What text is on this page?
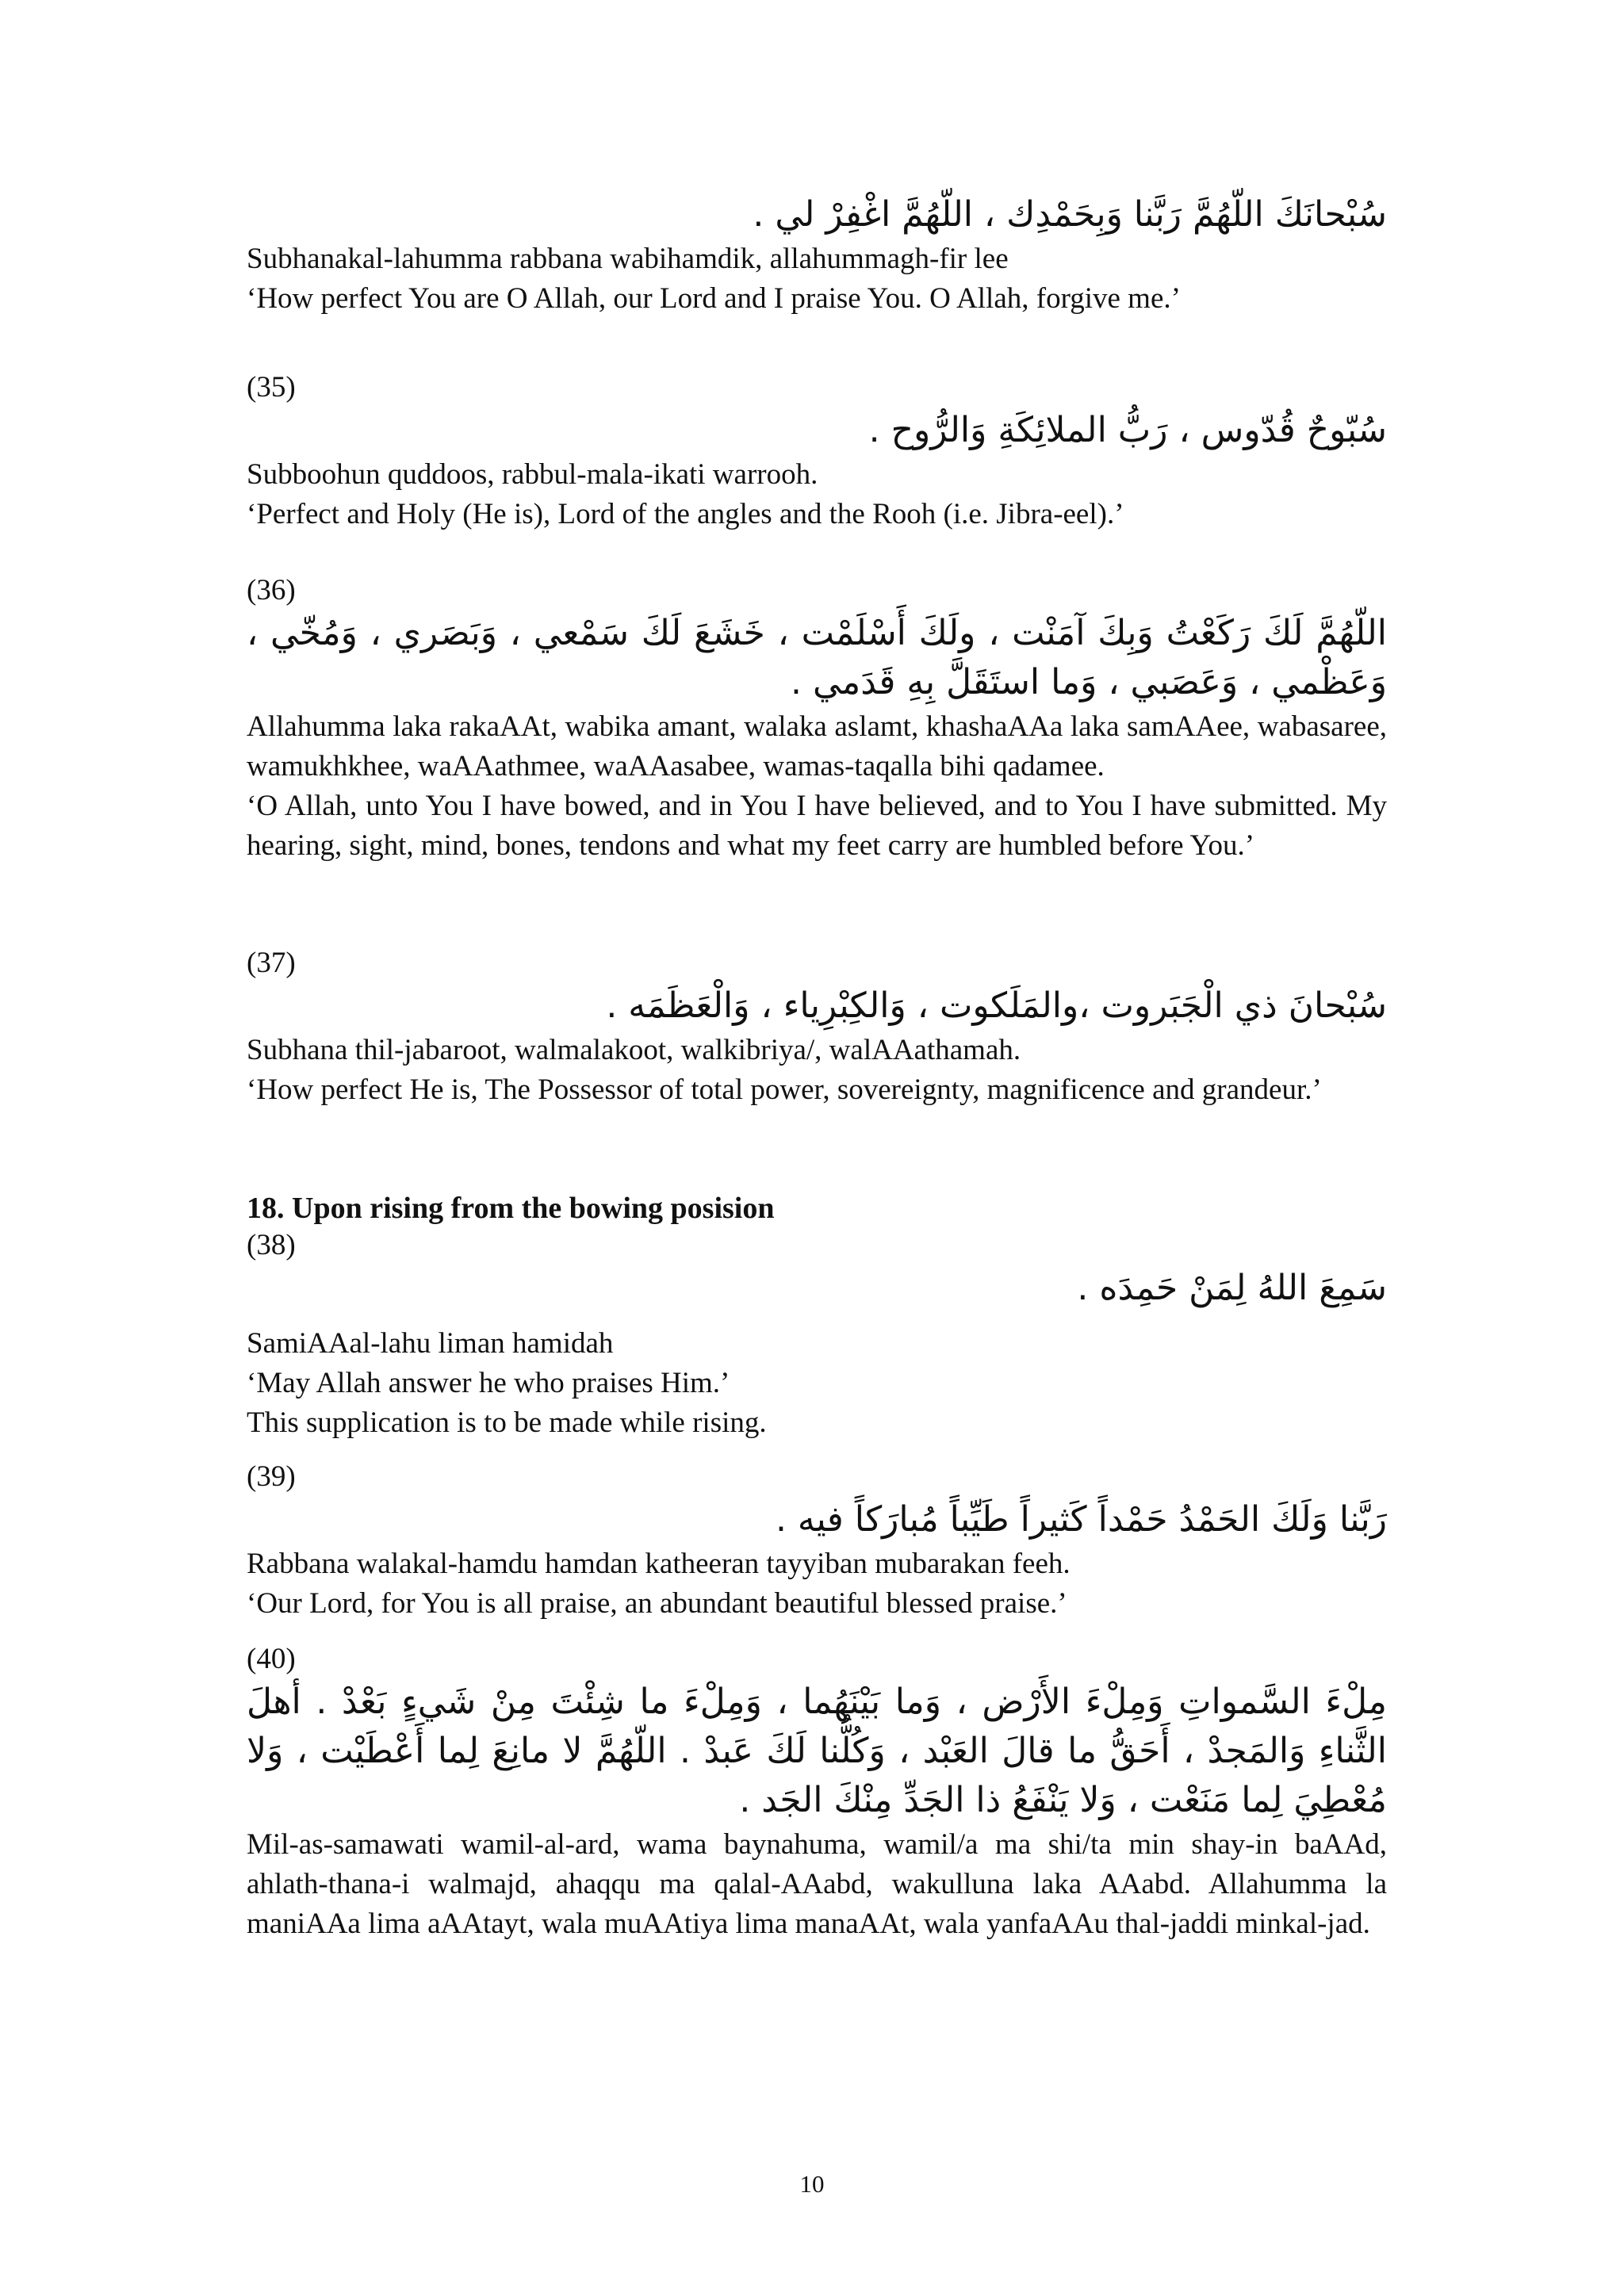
سُبْحانَكَ اللّهُمَّ رَبَّنا وَبِحَمْدِك ، اللّهُمَّ اغْفِرْ لي .
Subhanakal-lahumma rabbana wabihamdik, allahummagh-fir lee
‘How perfect You are O Allah, our Lord and I praise You. O Allah, forgive me.’
(35)
سُبّوحٌ قُدّوس ، رَبُّ الملائِكَةِ وَالرُّوح .
Subboohun quddoos, rabbul-mala-ikati warrooh.
‘Perfect and Holy (He is), Lord of the angles and the Rooh (i.e. Jibra-eel).’
(36)
اللّهُمَّ لَكَ رَكَعْتُ وَبِكَ آمَنْت ، ولَكَ أَسْلَمْت ، خَشَعَ لَكَ سَمْعي ، وَبَصَري ، وَمُخّي ، وَعَظْمي ، وَعَصَبي ، وَما استَقَلَّ بِهِ قَدَمي .
Allahumma laka rakaAAt, wabika amant, walaka aslamt, khashaAAa laka samAAee, wabasaree, wamukhkhee, waAAathmee, waAAasabee, wamas-taqalla bihi qadamee.
‘O Allah, unto You I have bowed, and in You I have believed, and to You I have submitted. My hearing, sight, mind, bones, tendons and what my feet carry are humbled before You.’
(37)
سُبْحانَ ذي الْجَبَروت ،والمَلَكوت ، وَالكِبْرِياء ، وَالْعَظَمَه .
Subhana thil-jabaroot, walmalakoot, walkibriya/, walAAathamah.
‘How perfect He is, The Possessor of total power, sovereignty, magnificence and grandeur.’
18. Upon rising from the bowing posision
(38)
سَمِعَ اللهُ لِمَنْ حَمِدَه .
SamiAAal-lahu liman hamidah
‘May Allah answer he who praises Him.’
This supplication is to be made while rising.
(39)
رَبَّنا وَلَكَ الحَمْدُ حَمْداً كَثيراً طَيِّباً مُبارَكاً فيه .
Rabbana walakal-hamdu hamdan katheeran tayyiban mubarakan feeh.
‘Our Lord, for You is all praise, an abundant beautiful blessed praise.’
(40)
مِلْءَ السَّمواتِ وَمِلْءَ الأَرْض ، وَما بَيْنَهُما ، وَمِلْءَ ما شِئْتَ مِنْ شَيءٍ بَعْدْ . أهلَ الثَّناءِ وَالمَجدْ ، أَحَقُّ ما قالَ العَبْد ، وَكُلُّنا لَكَ عَبدْ . اللّهُمَّ لا مانِعَ لِما أَعْطَيْت ، وَلا مُعْطِيَ لِما مَنَعْت ، وَلا يَنْفَعُ ذا الجَدِّ مِنْكَ الجَد .
Mil-as-samawati wamil-al-ard, wama baynahuma, wamil/a ma shi/ta min shay-in baAAd, ahlath-thana-i walmajd, ahaqqu ma qalal-AAabd, wakulluna laka AAabd. Allahumma la maniAAa lima aAAtayt, wala muAAtiya lima manaAAt, wala yanfaAAu thal-jaddi minkal-jad.
10
